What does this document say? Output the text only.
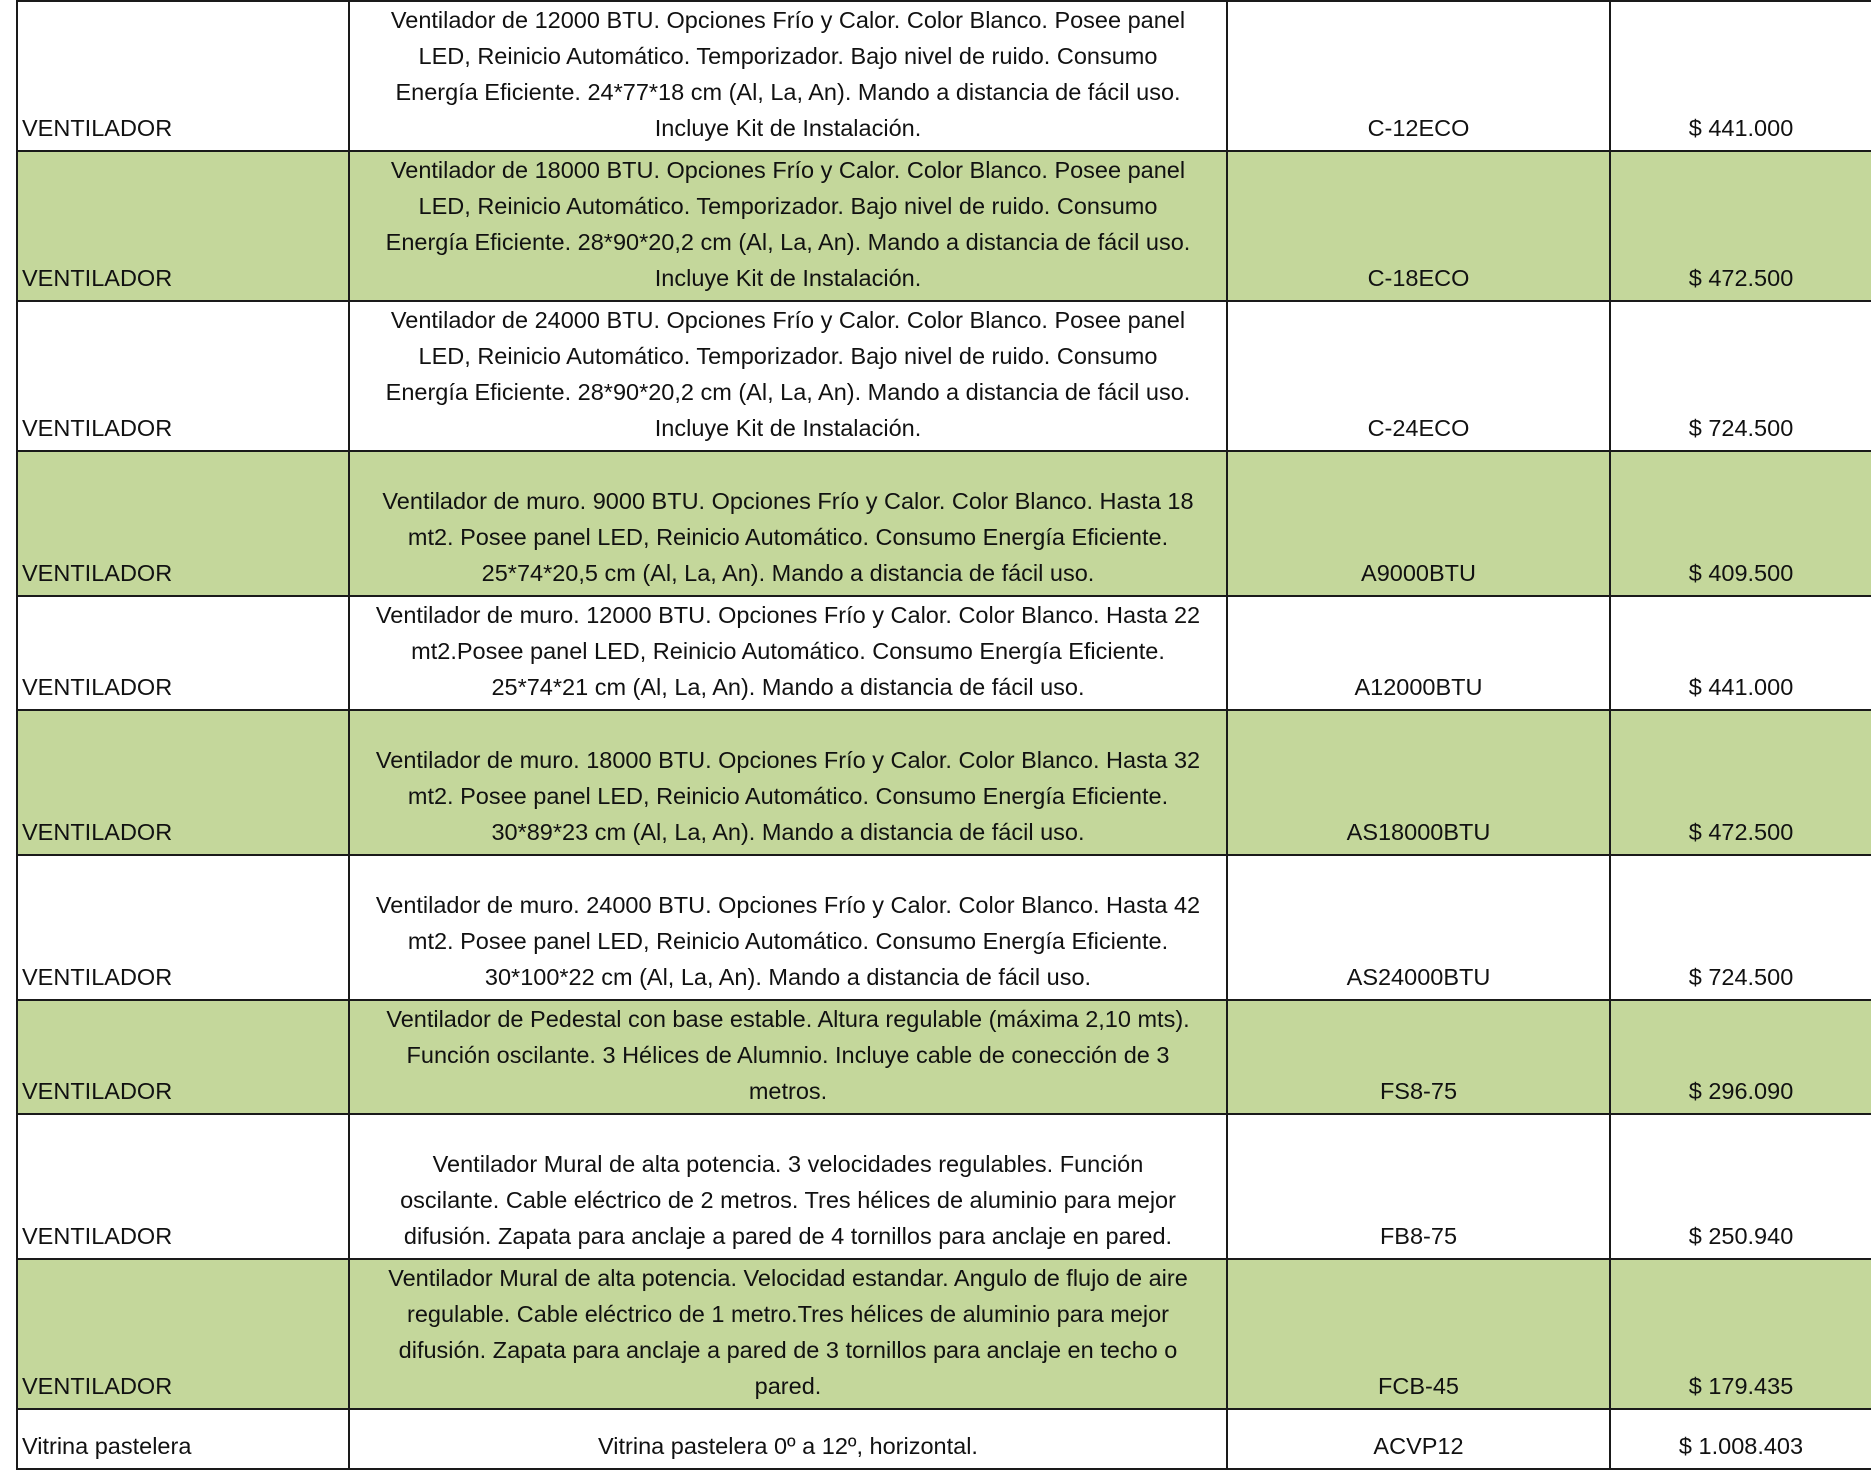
VENTILADOR	Ventilador de 12000 BTU. Opciones Frío y Calor. Color Blanco. Posee panel
LED, Reinicio Automático. Temporizador. Bajo nivel de ruido. Consumo
Energía Eficiente. 24*77*18 cm (Al, La, An). Mando a distancia de fácil uso.
Incluye Kit de Instalación.	C-12ECO	$ 441.000
VENTILADOR	Ventilador de 18000 BTU. Opciones Frío y Calor. Color Blanco. Posee panel
LED, Reinicio Automático. Temporizador. Bajo nivel de ruido. Consumo
Energía Eficiente. 28*90*20,2 cm (Al, La, An). Mando a distancia de fácil uso.
Incluye Kit de Instalación.	C-18ECO	$ 472.500
VENTILADOR	Ventilador de 24000 BTU. Opciones Frío y Calor. Color Blanco. Posee panel
LED, Reinicio Automático. Temporizador. Bajo nivel de ruido. Consumo
Energía Eficiente. 28*90*20,2 cm (Al, La, An). Mando a distancia de fácil uso.
Incluye Kit de Instalación.	C-24ECO	$ 724.500
VENTILADOR	Ventilador de muro. 9000 BTU. Opciones Frío y Calor. Color Blanco. Hasta 18
mt2. Posee panel LED, Reinicio Automático. Consumo Energía Eficiente.
25*74*20,5 cm (Al, La, An). Mando a distancia de fácil uso.	A9000BTU	$ 409.500
VENTILADOR	Ventilador de muro. 12000 BTU. Opciones Frío y Calor. Color Blanco. Hasta 22
mt2.Posee panel LED, Reinicio Automático. Consumo Energía Eficiente.
25*74*21 cm (Al, La, An). Mando a distancia de fácil uso.	A12000BTU	$ 441.000
VENTILADOR	Ventilador de muro. 18000 BTU. Opciones Frío y Calor. Color Blanco. Hasta 32
mt2. Posee panel LED, Reinicio Automático. Consumo Energía Eficiente.
30*89*23 cm (Al, La, An). Mando a distancia de fácil uso.	AS18000BTU	$ 472.500
VENTILADOR	Ventilador de muro. 24000 BTU. Opciones Frío y Calor. Color Blanco. Hasta 42
mt2. Posee panel LED, Reinicio Automático. Consumo Energía Eficiente.
30*100*22 cm (Al, La, An). Mando a distancia de fácil uso.	AS24000BTU	$ 724.500
VENTILADOR	Ventilador de Pedestal con base estable. Altura regulable (máxima 2,10 mts).
Función oscilante. 3 Hélices de Alumnio. Incluye cable de conección de 3
metros.	FS8-75	$ 296.090
VENTILADOR	Ventilador Mural de alta potencia. 3 velocidades regulables. Función
oscilante. Cable eléctrico de 2 metros. Tres hélices de aluminio para mejor
difusión. Zapata para anclaje a pared de 4 tornillos para anclaje en pared.	FB8-75	$ 250.940
VENTILADOR	Ventilador Mural de alta potencia. Velocidad estandar. Angulo de flujo de aire
regulable. Cable eléctrico de 1 metro.Tres hélices de aluminio para mejor
difusión. Zapata para anclaje a pared de 3 tornillos para anclaje en techo o
pared.	FCB-45	$ 179.435
Vitrina pastelera	Vitrina pastelera 0º a 12º, horizontal.	ACVP12	$ 1.008.403
